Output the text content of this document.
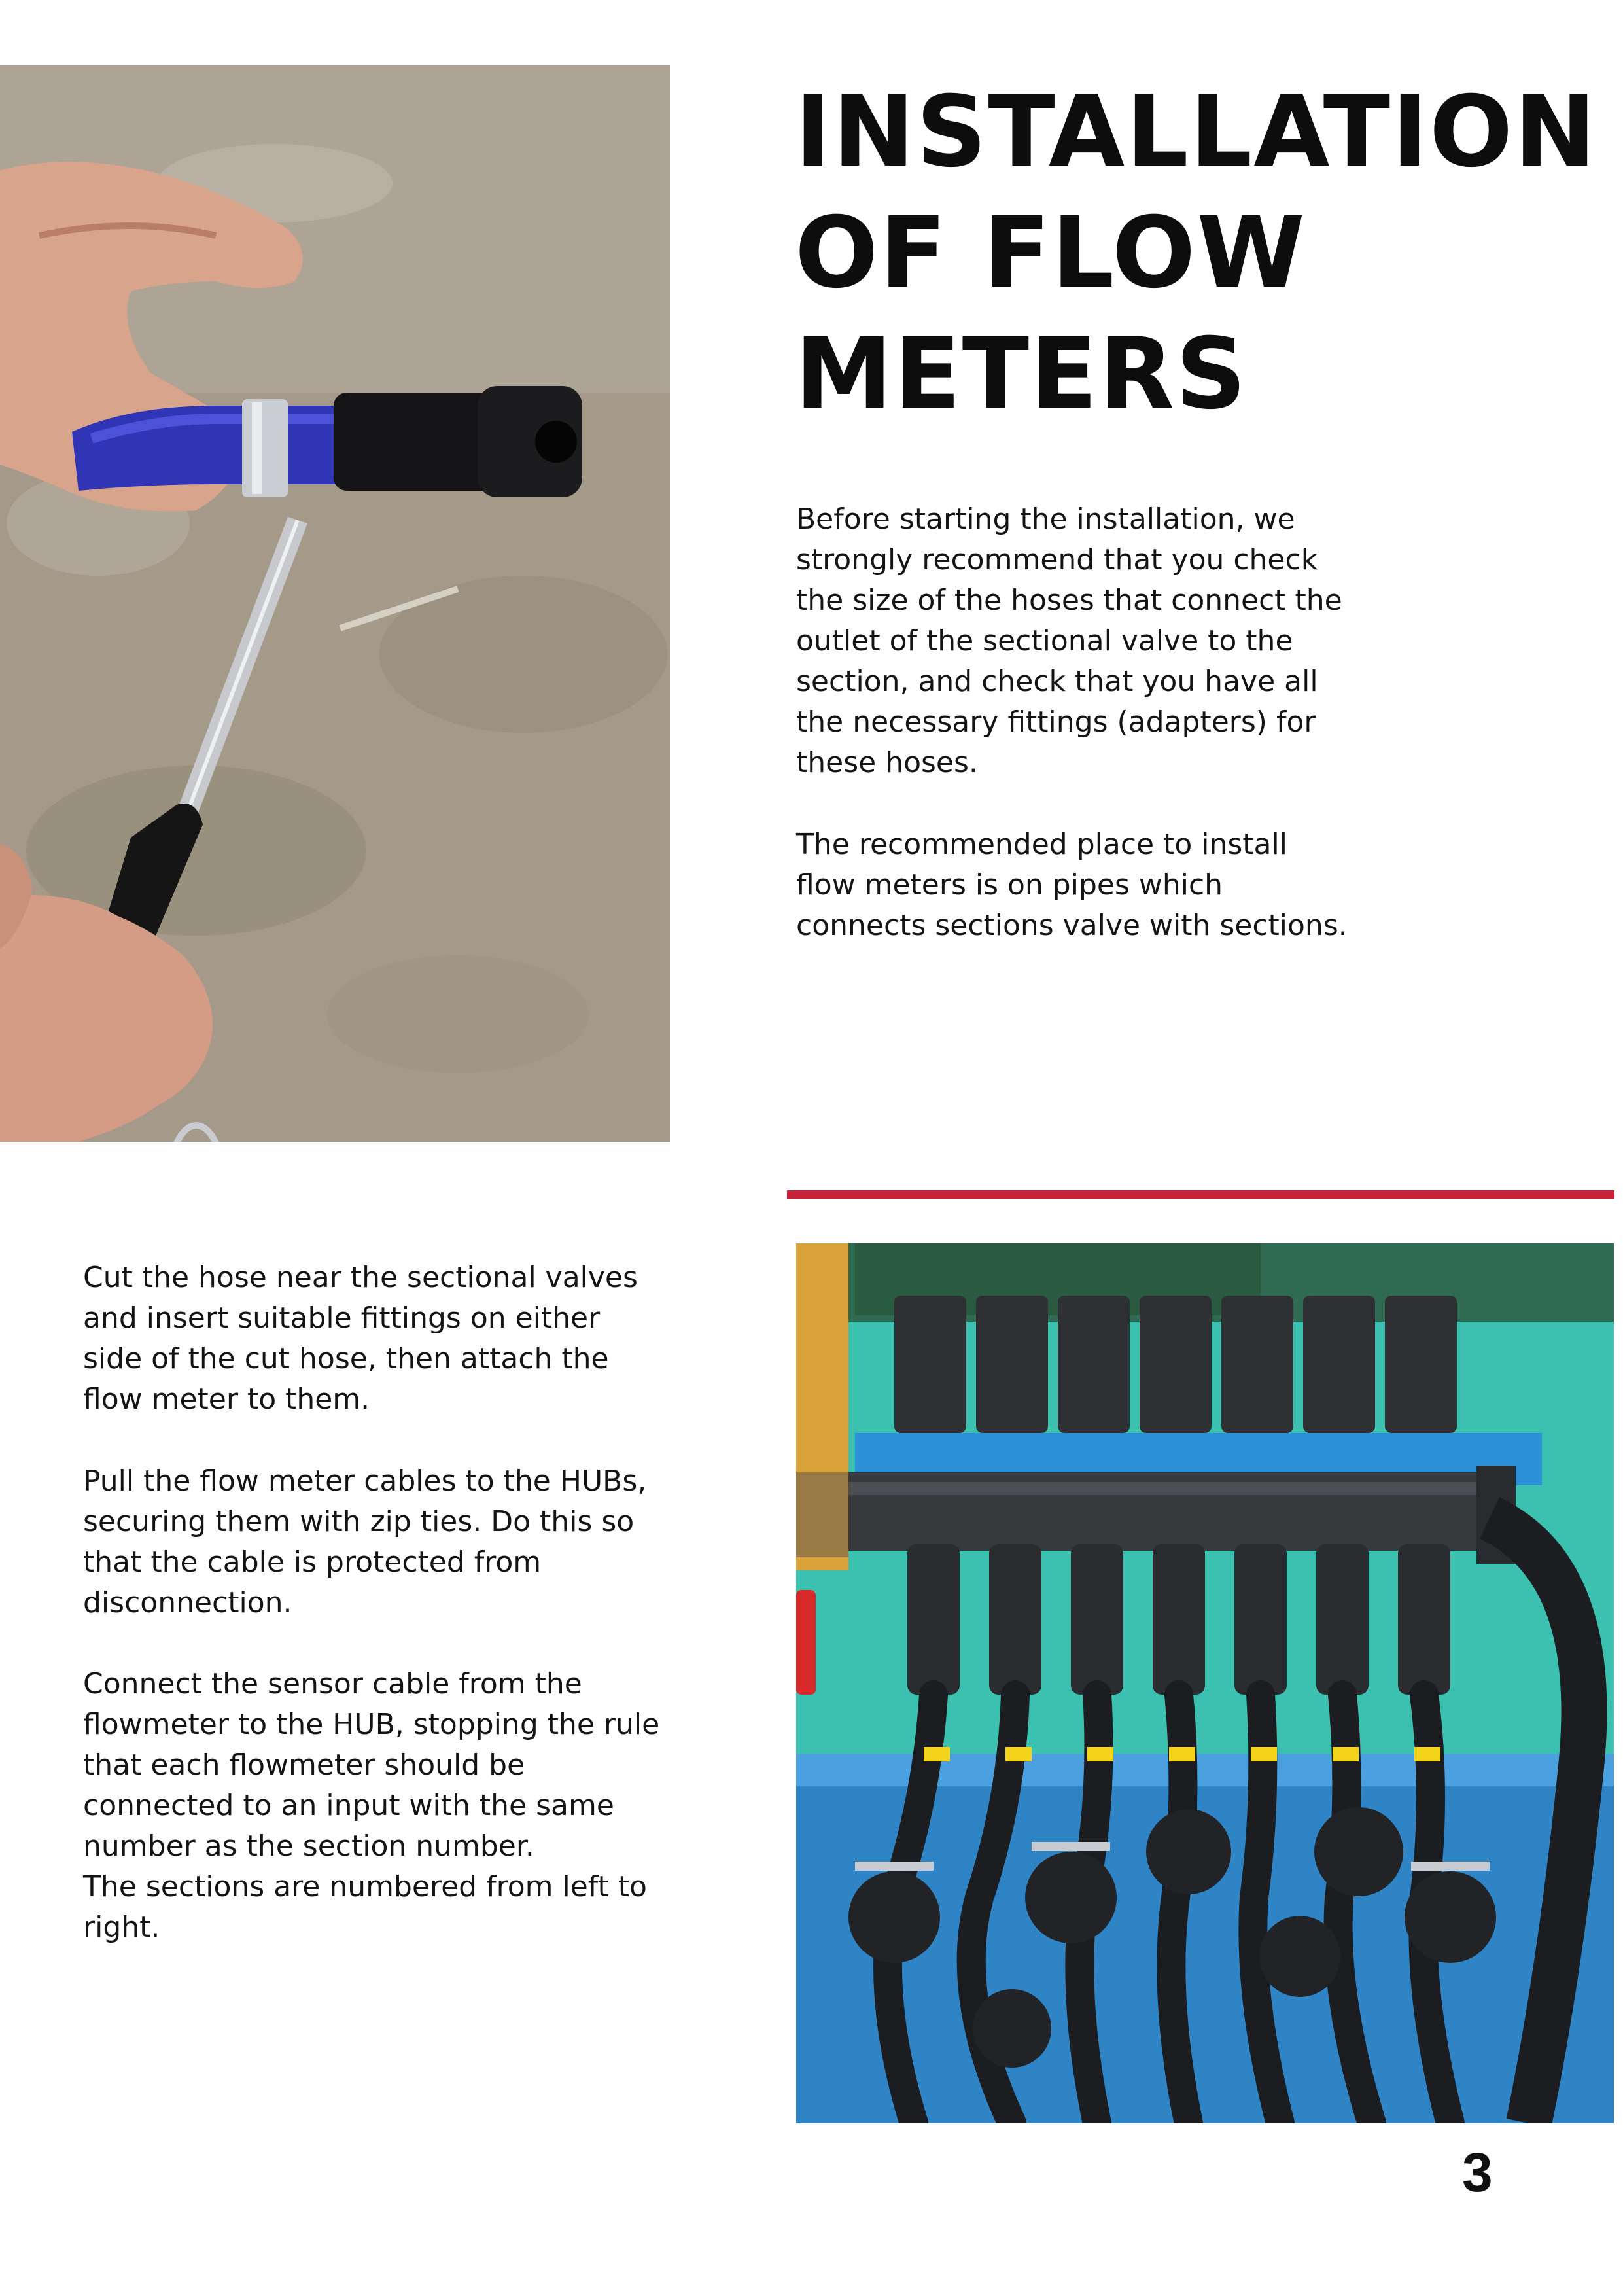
INSTALLATION
OF FLOW
METERS
Before starting the installation, we
strongly recommend that you check
the size of the hoses that connect the
outlet of the sectional valve to the
section, and check that you have all
the necessary fittings (adapters) for
these hoses.
The recommended place to install
flow meters is on pipes which
connects sections valve with sections.
Cut the hose near the sectional valves
and insert suitable fittings on either
side of the cut hose, then attach the
flow meter to them.
Pull the flow meter cables to the HUBs,
securing them with zip ties. Do this so
that the cable is protected from
disconnection.
Connect the sensor cable from the
flowmeter to the HUB, stopping the rule
that each flowmeter should be
connected to an input with the same
number as the section number.
The sections are numbered from left to
right.
3
